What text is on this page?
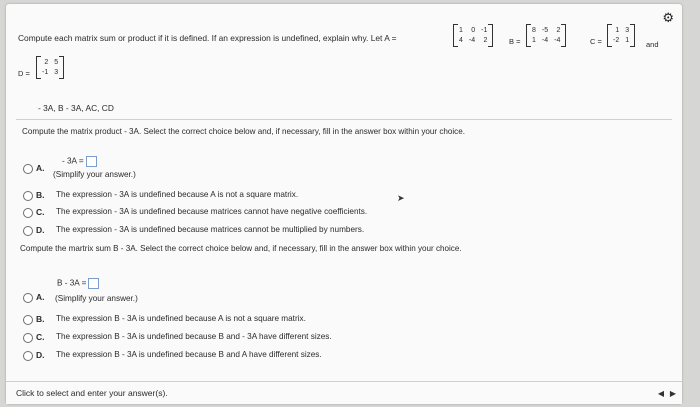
⚙
Compute each matrix sum or product if it is defined. If an expression is undefined, explain why. Let A =
1	0 -1
4 -4	2	B =
8 -5	2
1 -4 -4	C =
1 3
-2 1 and
D =
2 5
-1 3
- 3A, B - 3A, AC, CD
Compute the matrix product - 3A. Select the correct choice below and, if necessary, fill in the answer box within your choice.
A.
- 3A =
(Simplify your answer.)
B. The expression - 3A is undefined because A is not a square matrix.
C. The expression - 3A is undefined because matrices cannot have negative coefficients.
D. The expression - 3A is undefined because matrices cannot be multiplied by numbers.
➤
Compute the martrix sum B - 3A. Select the correct choice below and, if necessary, fill in the answer box within your choice.
A.
B - 3A =
(Simplify your answer.)
B. The expression B - 3A is undefined because A is not a square matrix.
C. The expression B - 3A is undefined because B and - 3A have different sizes.
D. The expression B - 3A is undefined because B and A have different sizes.
Click to select and enter your answer(s).	◀ ▶
